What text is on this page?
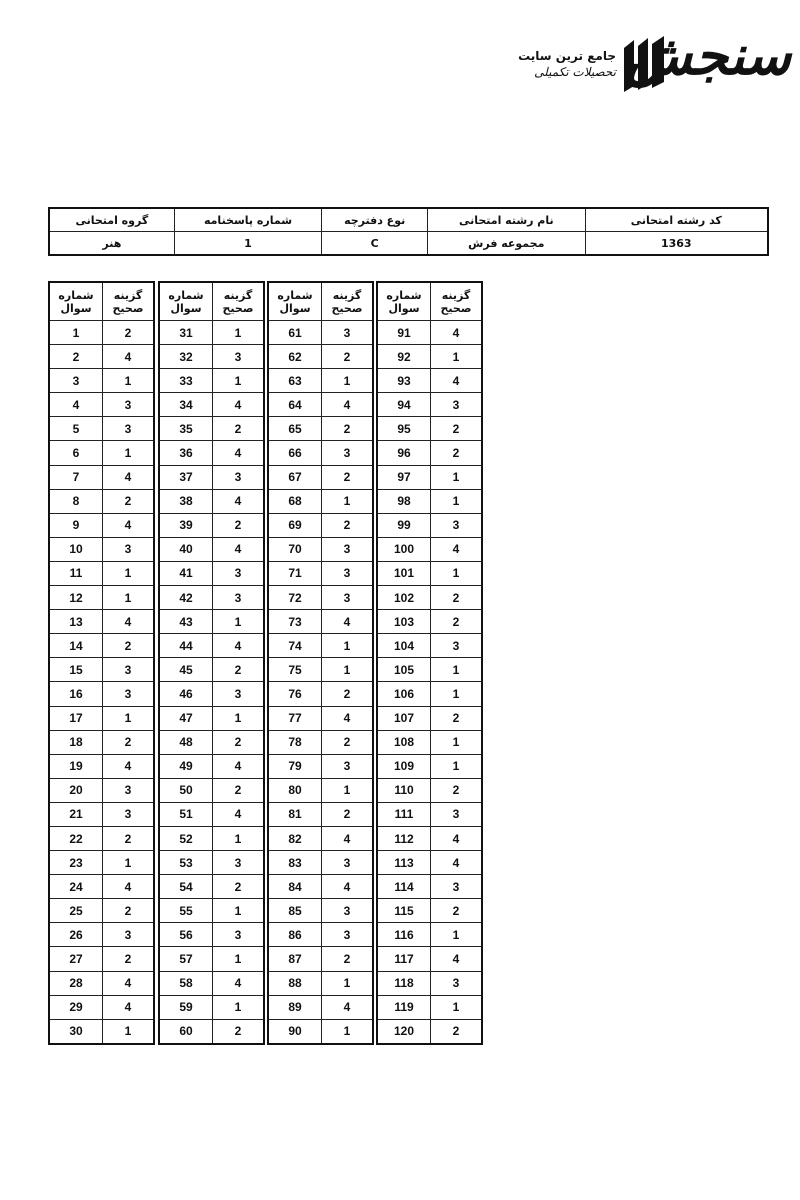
جامع ترین سایت تحصیلات تکمیلی سنجش
کد رشته امتحانی	نام رشته امتحانی	نوع دفترچه	شماره پاسخنامه	گروه امتحانی
1363	مجموعه فرش	C	1	هنر
شماره
سوال	گزینه
صحیح
1	2
2	4
3	1
4	3
5	3
6	1
7	4
8	2
9	4
10	3
11	1
12	1
13	4
14	2
15	3
16	3
17	1
18	2
19	4
20	3
21	3
22	2
23	1
24	4
25	2
26	3
27	2
28	4
29	4
30	1
شماره
سوال	گزینه
صحیح
31	1
32	3
33	1
34	4
35	2
36	4
37	3
38	4
39	2
40	4
41	3
42	3
43	1
44	4
45	2
46	3
47	1
48	2
49	4
50	2
51	4
52	1
53	3
54	2
55	1
56	3
57	1
58	4
59	1
60	2
شماره
سوال	گزینه
صحیح
61	3
62	2
63	1
64	4
65	2
66	3
67	2
68	1
69	2
70	3
71	3
72	3
73	4
74	1
75	1
76	2
77	4
78	2
79	3
80	1
81	2
82	4
83	3
84	4
85	3
86	3
87	2
88	1
89	4
90	1
شماره
سوال	گزینه
صحیح
91	4
92	1
93	4
94	3
95	2
96	2
97	1
98	1
99	3
100	4
101	1
102	2
103	2
104	3
105	1
106	1
107	2
108	1
109	1
110	2
111	3
112	4
113	4
114	3
115	2
116	1
117	4
118	3
119	1
120	2
